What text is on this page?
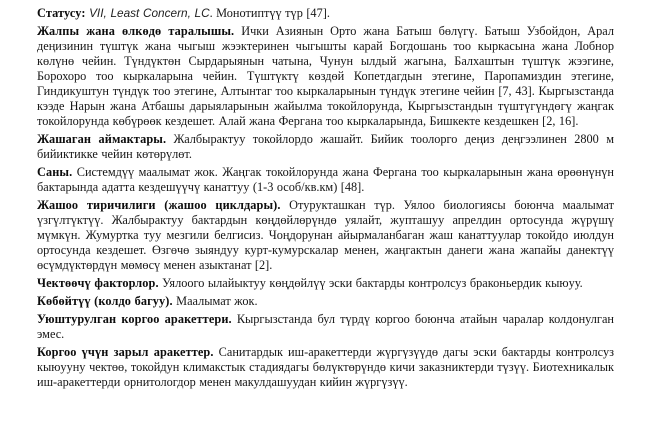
Статусу: VII, Least Concern, LC. Монотиптүү түр [47].

Жалпы жана өлкөдө таралышы. Ички Азиянын Орто жана Батыш бөлүгү. Батыш Узбойдон, Арал деңизинин түштүк жана чыгыш жээктеринен чыгышты карай Богдошань тоо кыркасына жана Лобнор көлүнө чейин. Түндүктөн Сырдарыянын чатына, Чунун ылдый жагына, Балхаштын түштүк жээгине, Борохоро тоо кыркаларына чейин. Түштүктү көздөй Копетдагдын этегине, Паропамиздин этегине, Гиндикуштун түндүк тоо этегине, Алтынтаг тоо кыркаларынын түндүк этегине чейин [7, 43]. Кыргызстанда кээде Нарын жана Атбашы дарыяларынын жайылма токойлорунда, Кыргызстандын түштүгүндөгү жаңгак токойлорунда көбүрөөк кездешет. Алай жана Фергана тоо кыркаларында, Бишкекте кездешкен [2, 16].

Жашаган аймактары. Жалбырактуу токойлордо жашайт. Бийик тоолорго деңиз деңгээлинен 2800 м бийиктикке чейин көтөрүлөт.

Саны. Системдүү маалымат жок. Жаңгак токойлорунда жана Фергана тоо кыркаларынын жана өрөөнүнүн бактарында адатта кездешүүчү канаттуу (1-3 особ/кв.км) [48].

Жашоо тиричилиги (жашоо циклдары). Отурукташкан түр. Уялоо биологиясы боюнча маалымат үзгүлтүктүү. Жалбырактуу бактардын көңдөйлөрүндө уялайт, жупташуу апрелдин ортосунда жүрүшү мүмкүн. Жумуртка туу мезгили белгисиз. Чоңдорунан айырмаланбаган жаш канаттуулар токойдо июлдун ортосунда кездешет. Өзгөчө зыяндуу курт-кумурскалар менен, жаңгактын данеги жана жапайы данектүү өсүмдүктөрдүн мөмөсү менен азыктанат [2].

Чектөөчү факторлор. Уялоого ылайыктуу көңдөйлүү эски бактарды контролсуз браконьердик кыюуу.

Көбөйтүү (колдо багуу). Маалымат жок.

Уюштурулган коргоо аракеттери. Кыргызстанда бул түрдү коргоо боюнча атайын чаралар колдонулган эмес.

Коргоо үчүн зарыл аракеттер. Санитардык иш-аракеттерди жүргүзүүдө дагы эски бактарды контролсуз кыюууну чектөө, токойдун климакстык стадиядагы бөлүктөрүндө кичи заказниктерди түзүү. Биотехникалык иш-аракеттерди орнитологдор менен макулдашуудан кийин жүргүзүү.
